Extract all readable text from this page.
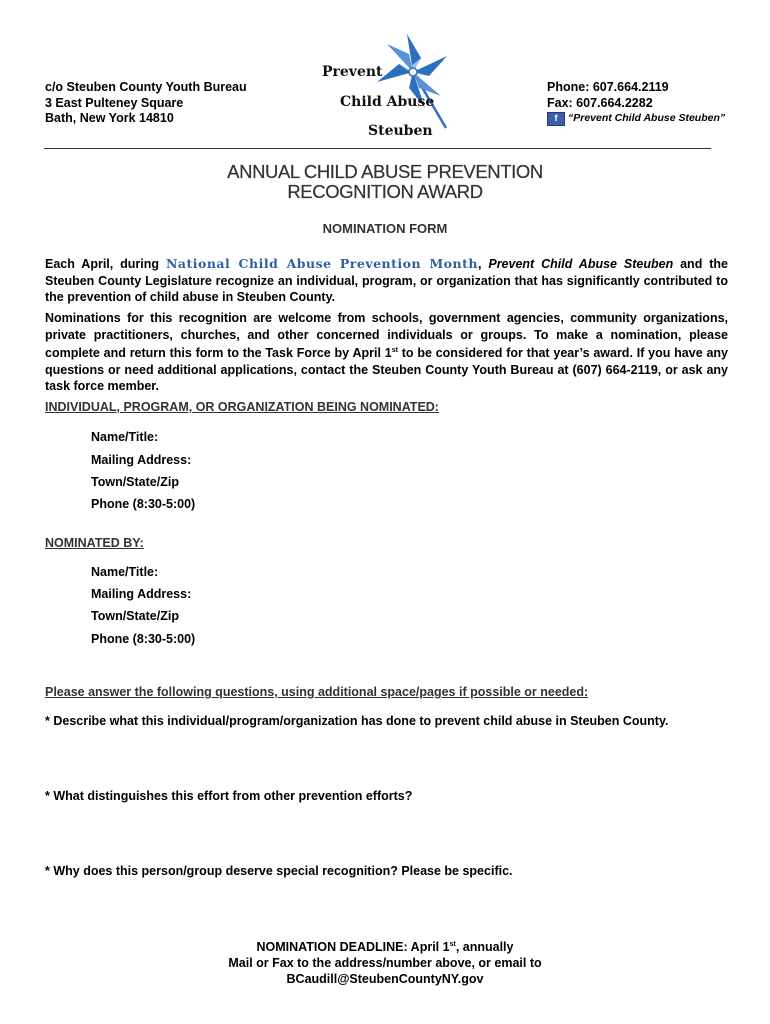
c/o Steuben County Youth Bureau
3 East Pulteney Square
Bath, New York 14810
Prevent
Child Abuse
Steuben
Phone: 607.664.2119
Fax: 607.664.2282
f	“Prevent Child Abuse Steuben”
ANNUAL CHILD ABUSE PREVENTION
RECOGNITION AWARD
NOMINATION FORM
Each April, during National Child Abuse Prevention Month, Prevent Child Abuse Steuben and the Steuben County Legislature recognize an individual, program, or organization that has significantly contributed to the prevention of child abuse in Steuben County.
Nominations for this recognition are welcome from schools, government agencies, community organizations, private practitioners, churches, and other concerned individuals or groups. To make a nomination, please complete and return this form to the Task Force by April 1st to be considered for that year’s award. If you have any questions or need additional applications, contact the Steuben County Youth Bureau at (607) 664-2119, or ask any task force member.
INDIVIDUAL, PROGRAM, OR ORGANIZATION BEING NOMINATED:
Name/Title:
Mailing Address:
Town/State/Zip
Phone (8:30-5:00)
NOMINATED BY:
Name/Title:
Mailing Address:
Town/State/Zip
Phone (8:30-5:00)
Please answer the following questions, using additional space/pages if possible or needed:
* Describe what this individual/program/organization has done to prevent child abuse in Steuben County.
* What distinguishes this effort from other prevention efforts?
* Why does this person/group deserve special recognition? Please be specific.
NOMINATION DEADLINE: April 1st, annually
Mail or Fax to the address/number above, or email to
BCaudill@SteubenCountyNY.gov
